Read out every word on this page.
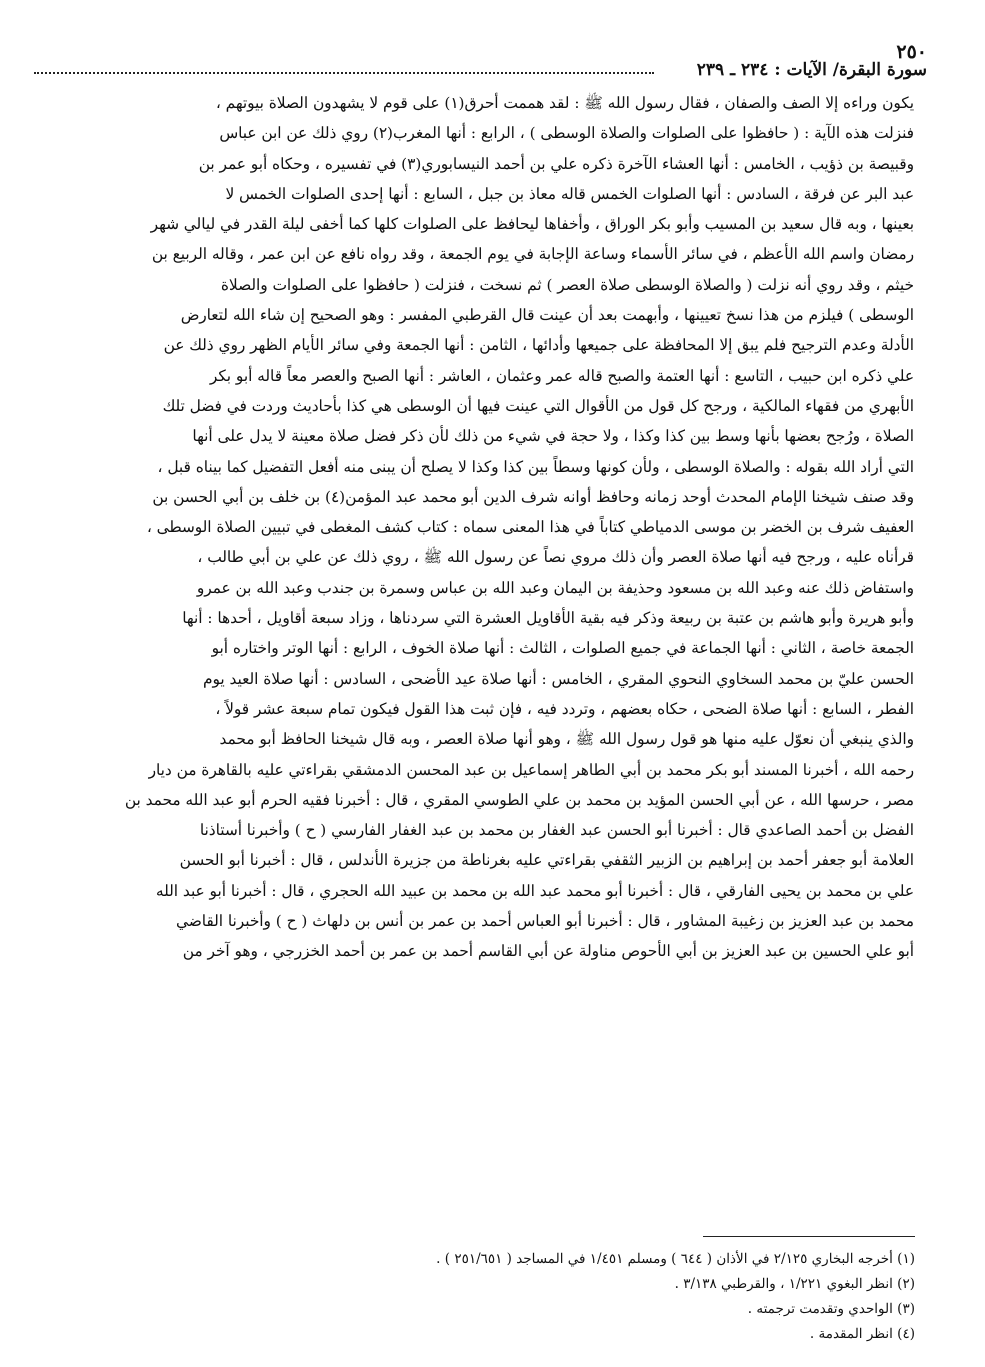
٢٥٠
سورة البقرة/ الآيات : ٢٣٤ ـ ٢٣٩
يكون وراءه إلا الصف والصفان ، فقال رسول الله ﷺ : لقد هممت أحرق(١) على قوم لا يشهدون الصلاة بيوتهم ،
فنزلت هذه الآية : ( حافظوا على الصلوات والصلاة الوسطى ) ، الرابع : أنها المغرب(٢) روي ذلك عن ابن عباس
وقبيصة بن ذؤيب ، الخامس : أنها العشاء الآخرة ذكره علي بن أحمد النيسابوري(٣) في تفسيره ، وحكاه أبو عمر بن
عبد البر عن فرقة ، السادس : أنها الصلوات الخمس قاله معاذ بن جبل ، السابع : أنها إحدى الصلوات الخمس لا
بعينها ، وبه قال سعيد بن المسيب وأبو بكر الوراق ، وأخفاها ليحافظ على الصلوات كلها كما أخفى ليلة القدر في ليالي شهر
رمضان واسم الله الأعظم ، في سائر الأسماء وساعة الإجابة في يوم الجمعة ، وقد رواه نافع عن ابن عمر ، وقاله الربيع بن
خيثم ، وقد روي أنه نزلت ( والصلاة الوسطى صلاة العصر ) ثم نسخت ، فنزلت ( حافظوا على الصلوات والصلاة
الوسطى ) فيلزم من هذا نسخ تعيينها ، وأبهمت بعد أن عينت قال القرطبي المفسر : وهو الصحيح إن شاء الله لتعارض
الأدلة وعدم الترجيح فلم يبق إلا المحافظة على جميعها وأدائها ، الثامن : أنها الجمعة وفي سائر الأيام الظهر روي ذلك عن
علي ذكره ابن حبيب ، التاسع : أنها العتمة والصبح قاله عمر وعثمان ، العاشر : أنها الصبح والعصر معاً قاله أبو بكر
الأبهري من فقهاء المالكية ، ورجح كل قول من الأقوال التي عينت فيها أن الوسطى هي كذا بأحاديث وردت في فضل تلك
الصلاة ، ورُجح بعضها بأنها وسط بين كذا وكذا ، ولا حجة في شيء من ذلك لأن ذكر فضل صلاة معينة لا يدل على أنها
التي أراد الله بقوله : والصلاة الوسطى ، ولأن كونها وسطاً بين كذا وكذا لا يصلح أن يبنى منه أفعل التفضيل كما بيناه قبل ،
وقد صنف شيخنا الإمام المحدث أوحد زمانه وحافظ أوانه شرف الدين أبو محمد عبد المؤمن(٤) بن خلف بن أبي الحسن بن
العفيف شرف بن الخضر بن موسى الدمياطي كتاباً في هذا المعنى سماه : كتاب كشف المغطى في تبيين الصلاة الوسطى ،
قرأناه عليه ، ورجح فيه أنها صلاة العصر وأن ذلك مروي نصاً عن رسول الله ﷺ ، روي ذلك عن علي بن أبي طالب ،
واستفاض ذلك عنه وعبد الله بن مسعود وحذيفة بن اليمان وعبد الله بن عباس وسمرة بن جندب وعبد الله بن عمرو
وأبو هريرة وأبو هاشم بن عتبة بن ربيعة وذكر فيه بقية الأقاويل العشرة التي سردناها ، وزاد سبعة أقاويل ، أحدها : أنها
الجمعة خاصة ، الثاني : أنها الجماعة في جميع الصلوات ، الثالث : أنها صلاة الخوف ، الرابع : أنها الوتر واختاره أبو
الحسن عليّ بن محمد السخاوي النحوي المقري ، الخامس : أنها صلاة عيد الأضحى ، السادس : أنها صلاة العيد يوم
الفطر ، السابع : أنها صلاة الضحى ، حكاه بعضهم ، وتردد فيه ، فإن ثبت هذا القول فيكون تمام سبعة عشر قولاً ،
والذي ينبغي أن نعوّل عليه منها هو قول رسول الله ﷺ ، وهو أنها صلاة العصر ، وبه قال شيخنا الحافظ أبو محمد
رحمه الله ، أخبرنا المسند أبو بكر محمد بن أبي الطاهر إسماعيل بن عبد المحسن الدمشقي بقراءتي عليه بالقاهرة من ديار
مصر ، حرسها الله ، عن أبي الحسن المؤيد بن محمد بن علي الطوسي المقري ، قال : أخبرنا فقيه الحرم أبو عبد الله محمد بن
الفضل بن أحمد الصاعدي قال : أخبرنا أبو الحسن عبد الغفار بن محمد بن عبد الغفار الفارسي ( ح ) وأخبرنا أستاذنا
العلامة أبو جعفر أحمد بن إبراهيم بن الزبير الثقفي بقراءتي عليه بغرناطة من جزيرة الأندلس ، قال : أخبرنا أبو الحسن
علي بن محمد بن يحيى الفارقي ، قال : أخبرنا أبو محمد عبد الله بن محمد بن عبيد الله الحجري ، قال : أخبرنا أبو عبد الله
محمد بن عبد العزيز بن زغيبة المشاور ، قال : أخبرنا أبو العباس أحمد بن عمر بن أنس بن دلهاث ( ح ) وأخبرنا القاضي
أبو علي الحسين بن عبد العزيز بن أبي الأحوص مناولة عن أبي القاسم أحمد بن عمر بن أحمد الخزرجي ، وهو آخر من
(١) أخرجه البخاري ٢/١٢٥ في الأذان ( ٦٤٤ ) ومسلم ١/٤٥١ في المساجد ( ٢٥١/٦٥١ ) .
(٢) انظر البغوي ١/٢٢١ ، والقرطبي ٣/١٣٨ .
(٣) الواحدي وتقدمت ترجمته .
(٤) انظر المقدمة .
